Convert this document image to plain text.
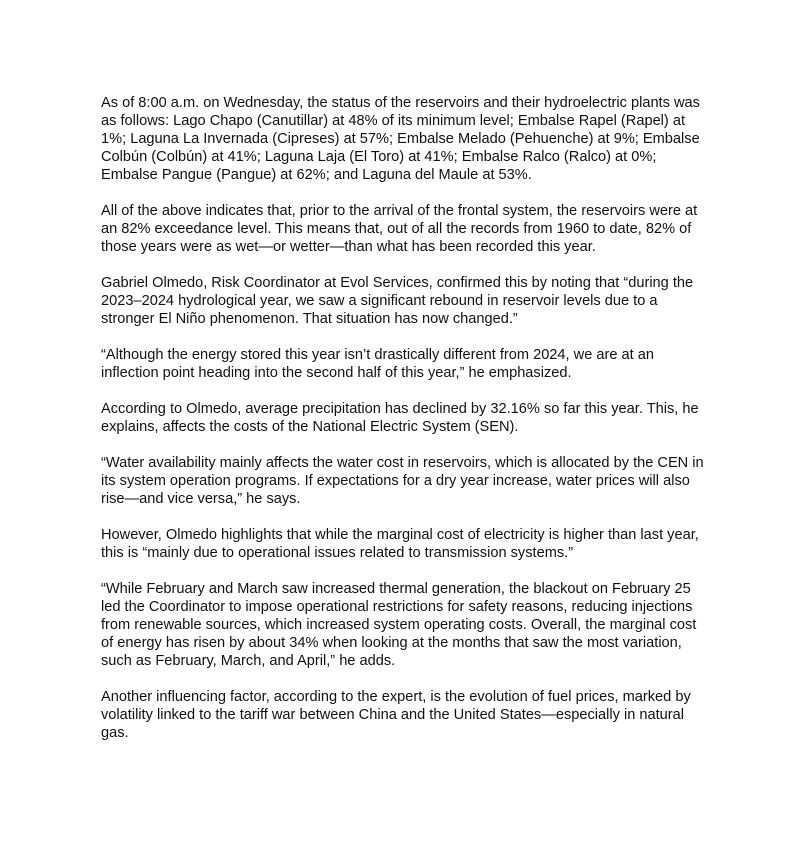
As of 8:00 a.m. on Wednesday, the status of the reservoirs and their hydroelectric plants was as follows: Lago Chapo (Canutillar) at 48% of its minimum level; Embalse Rapel (Rapel) at 1%; Laguna La Invernada (Cipreses) at 57%; Embalse Melado (Pehuenche) at 9%; Embalse Colbún (Colbún) at 41%; Laguna Laja (El Toro) at 41%; Embalse Ralco (Ralco) at 0%; Embalse Pangue (Pangue) at 62%; and Laguna del Maule at 53%.

All of the above indicates that, prior to the arrival of the frontal system, the reservoirs were at an 82% exceedance level. This means that, out of all the records from 1960 to date, 82% of those years were as wet—or wetter—than what has been recorded this year.

Gabriel Olmedo, Risk Coordinator at Evol Services, confirmed this by noting that “during the 2023–2024 hydrological year, we saw a significant rebound in reservoir levels due to a stronger El Niño phenomenon. That situation has now changed.”

“Although the energy stored this year isn’t drastically different from 2024, we are at an inflection point heading into the second half of this year,” he emphasized.

According to Olmedo, average precipitation has declined by 32.16% so far this year. This, he explains, affects the costs of the National Electric System (SEN).

“Water availability mainly affects the water cost in reservoirs, which is allocated by the CEN in its system operation programs. If expectations for a dry year increase, water prices will also rise—and vice versa,” he says.

However, Olmedo highlights that while the marginal cost of electricity is higher than last year, this is “mainly due to operational issues related to transmission systems.”

“While February and March saw increased thermal generation, the blackout on February 25 led the Coordinator to impose operational restrictions for safety reasons, reducing injections from renewable sources, which increased system operating costs. Overall, the marginal cost of energy has risen by about 34% when looking at the months that saw the most variation, such as February, March, and April,” he adds.

Another influencing factor, according to the expert, is the evolution of fuel prices, marked by volatility linked to the tariff war between China and the United States—especially in natural gas.
